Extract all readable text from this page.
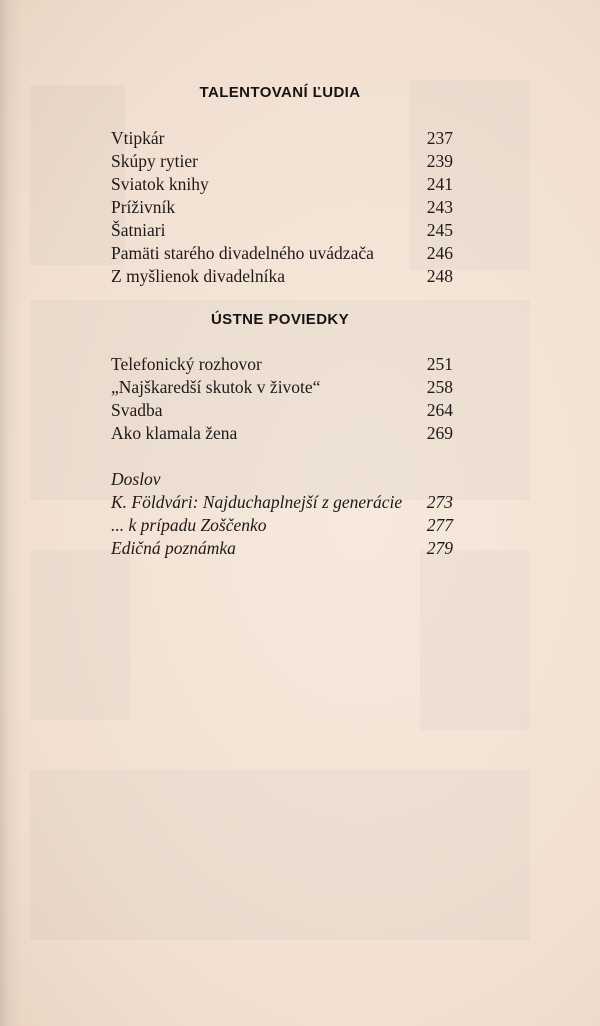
TALENTOVANÍ ĽUDIA
Vtipkár	237
Skúpy rytier	239
Sviatok knihy	241
Príživník	243
Šatniari	245
Pamäti starého divadelného uvádzača	246
Z myšlienok divadelníka	248
ÚSTNE POVIEDKY
Telefonický rozhovor	251
„Najškaredší skutok v živote“	258
Svadba	264
Ako klamala žena	269
Doslov
K. Földvári: Najduchaplnejší z generácie 273
... k prípadu Zoščenko	277
Edičná poznámka	279
